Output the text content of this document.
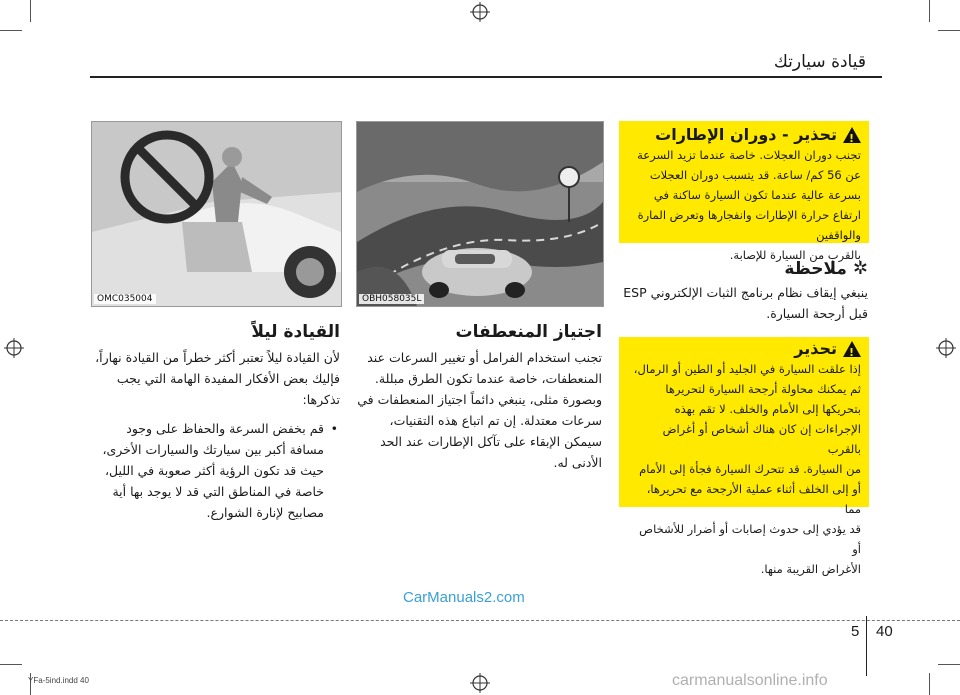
قيادة سيارتك
!
تحذير - دوران الإطارات
تجنب دوران العجلات. خاصة عندما تزيد السرعة
عن 56 كم/ ساعة. قد يتسبب دوران العجلات
بسرعة عالية عندما تكون السيارة ساكنة في
ارتفاع حرارة الإطارات وانفجارها وتعرض المارة والواقفين
بالقرب من السيارة للإصابة.
✲
ملاحظة
ينبغي إيقاف نظام برنامج الثبات الإلكتروني ESP
قبل أرجحة السيارة.
!
تحذير
إذا علقت السيارة في الجليد أو الطين أو الرمال،
ثم يمكنك محاولة أرجحة السيارة لتحريرها
بتحريكها إلى الأمام والخلف. لا تقم بهذه
الإجراءات إن كان هناك أشخاص أو أغراض بالقرب
من السيارة. قد تتحرك السيارة فجأة إلى الأمام
أو إلى الخلف أثناء عملية الأرجحة مع تحريرها، مما
قد يؤدي إلى حدوث إصابات أو أضرار للأشخاص أو
الأغراض القريبة منها.
OBH058035L
OMC035004
اجتياز المنعطفات
تجنب استخدام الفرامل أو تغيير السرعات عند المنعطفات، خاصة عندما تكون الطرق مبللة. وبصورة مثلى، ينبغي دائماً اجتياز المنعطفات في سرعات معتدلة. إن تم اتباع هذه التقنيات، سيمكن الإبقاء على تآكل الإطارات عند الحد الأدنى له.
القيادة ليلاً
لأن القيادة ليلاً تعتبر أكثر خطراً من القيادة نهاراً، فإليك بعض الأفكار المفيدة الهامة التي يجب تذكرها:
• قم بخفض السرعة والحفاظ على وجود مسافة أكبر بين سيارتك والسيارات الأخرى، حيث قد تكون الرؤية أكثر صعوبة في الليل، خاصة في المناطق التي قد لا يوجد بها أية مصابيح لإنارة الشوارع.
CarManuals2.com
5 40
YFa-5ind.indd 40	carmanualsonline.info
